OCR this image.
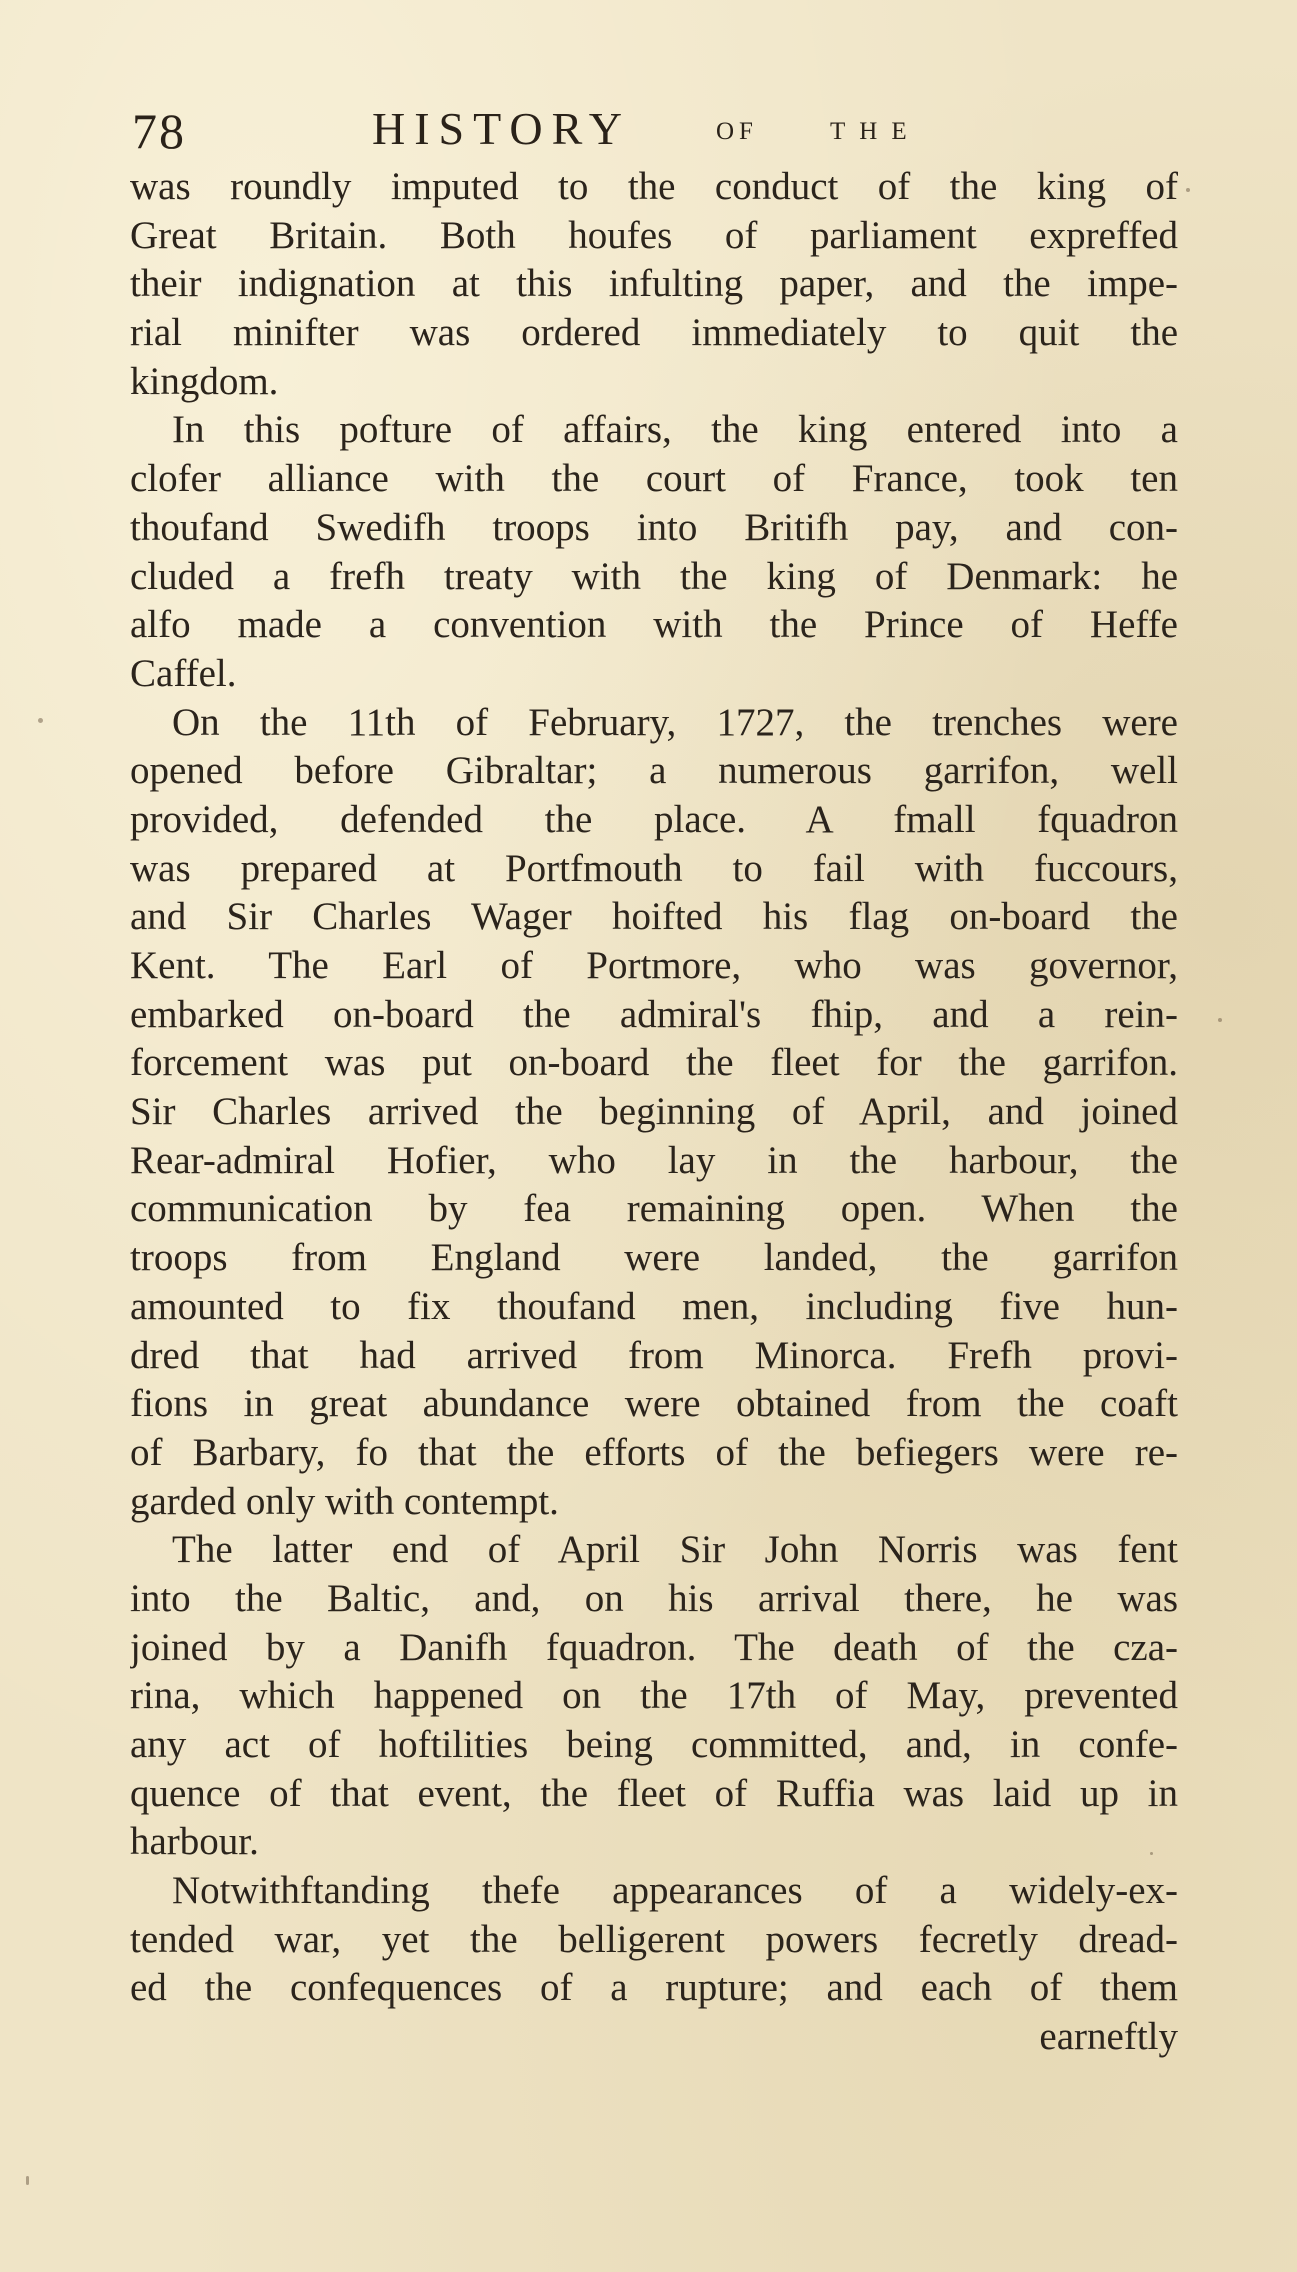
78	HISTORY	OF	THE
was roundly imputed to the conduct of the king of
Great Britain. Both houfes of parliament expreffed
their indignation at this infulting paper, and the impe-
rial minifter was ordered immediately to quit the
kingdom.
In this pofture of affairs, the king entered into a
clofer alliance with the court of France, took ten
thoufand Swedifh troops into Britifh pay, and con-
cluded a frefh treaty with the king of Denmark: he
alfo made a convention with the Prince of Heffe
Caffel.
On the 11th of February, 1727, the trenches were
opened before Gibraltar; a numerous garrifon, well
provided, defended the place. A fmall fquadron
was prepared at Portfmouth to fail with fuccours,
and Sir Charles Wager hoifted his flag on-board the
Kent. The Earl of Portmore, who was governor,
embarked on-board the admiral's fhip, and a rein-
forcement was put on-board the fleet for the garrifon.
Sir Charles arrived the beginning of April, and joined
Rear-admiral Hofier, who lay in the harbour, the
communication by fea remaining open. When the
troops from England were landed, the garrifon
amounted to fix thoufand men, including five hun-
dred that had arrived from Minorca. Frefh provi-
fions in great abundance were obtained from the coaft
of Barbary, fo that the efforts of the befiegers were re-
garded only with contempt.
The latter end of April Sir John Norris was fent
into the Baltic, and, on his arrival there, he was
joined by a Danifh fquadron. The death of the cza-
rina, which happened on the 17th of May, prevented
any act of hoftilities being committed, and, in confe-
quence of that event, the fleet of Ruffia was laid up in
harbour.
Notwithftanding thefe appearances of a widely-ex-
tended war, yet the belligerent powers fecretly dread-
ed the confequences of a rupture; and each of them
earneftly
